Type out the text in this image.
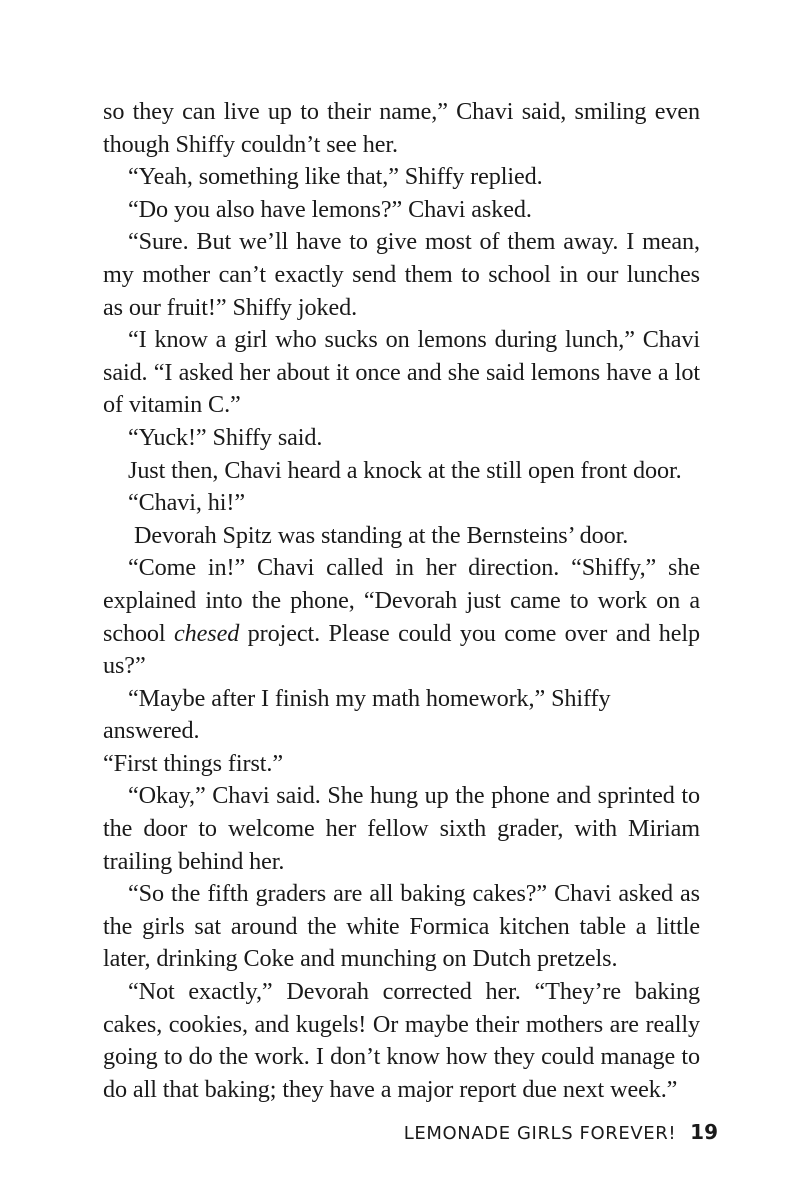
so they can live up to their name,” Chavi said, smiling even though Shiffy couldn’t see her.

“Yeah, something like that,” Shiffy replied.

“Do you also have lemons?” Chavi asked.

“Sure. But we’ll have to give most of them away. I mean, my mother can’t exactly send them to school in our lunches as our fruit!” Shiffy joked.

“I know a girl who sucks on lemons during lunch,” Chavi said. “I asked her about it once and she said lemons have a lot of vitamin C.”

“Yuck!” Shiffy said.

Just then, Chavi heard a knock at the still open front door.

“Chavi, hi!”

Devorah Spitz was standing at the Bernsteins’ door.

“Come in!” Chavi called in her direction. “Shiffy,” she explained into the phone, “Devorah just came to work on a school chesed project. Please could you come over and help us?”

“Maybe after I finish my math homework,” Shiffy answered.

“First things first.”

“Okay,” Chavi said. She hung up the phone and sprinted to the door to welcome her fellow sixth grader, with Miriam trailing behind her.

“So the fifth graders are all baking cakes?” Chavi asked as the girls sat around the white Formica kitchen table a little later, drinking Coke and munching on Dutch pretzels.

“Not exactly,” Devorah corrected her. “They’re baking cakes, cookies, and kugels! Or maybe their mothers are really going to do the work. I don’t know how they could manage to do all that baking; they have a major report due next week.”

LEMONADE GIRLS FOREVER! 19
